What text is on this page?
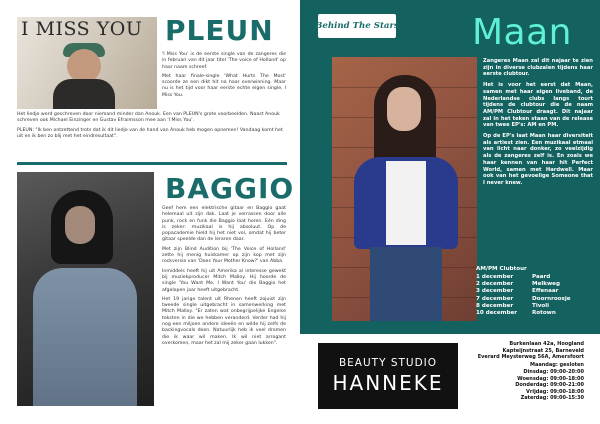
I MISS YOU PLEUN

'I Miss You' is de eerste single van de zangeres die in februari van dit jaar titel 'The voice of Holland' op haar naam schreef.

Met haar finale-single 'What Hurts The Most' scoorde ze een dikt hit na haar overwinning. Maar nu is het tijd voor haar eerste echte eigen single, I Miss You.

Het liedje werd geschreven door niemand minder dan Anouk. Een van PLEUN's grote voorbeelden. Naast Anouk schreven ook Michael Einzinger en Gustav Efraimsson mee aan 'I Miss You'.

PLEUN: "Ik ben ontzettend trots dat ik dit liedje van de hand van Anouk heb mogen opnemen! Vandaag komt het uit en ik ben zo blij met het eindresultaat".

BAGGIO

Geef hem een elektrische gitaar en Baggio gaat helemaal uit zijn dak. Laat je verrassen door alle punk, rock en funk die Baggio laat horen. Eén ding is zeker: muzikaal is hij absoluut. Op de popacademie hield hij het niet vol, omdat hij beter gitaar speelde dan de leraren daar.

Met zijn Blind Audition bij 'The Voice of Holland' zette hij menig huiskamer op zijn kop met zijn rockversie van 'Does Your Mother Know?' van Abba.

Inmiddels heeft hij uit Amerika al interesse gewekt bij muziekproducer Mitch Malloy. Hij hoorde de single 'You Want Me, I Want You' die Baggio het afgelopen jaar heeft uitgebracht.

Het 19 jarige talent uit Rhenen heeft zojuist zijn tweede single uitgebracht in samenwerking met Mitch Malloy. "Er zaten wat onbegrijpelijke Engelse teksten in die we hebben veranderd. Verder had hij nog een miljoen andere ideeën en wilde hij zelfs de backingvocals doen. Natuurlijk heb ik veel dromen die ik waar wil maken. Ik wil niet arrogant overkomen, maar het zal mij zeker gaan lukken".

Behind The Stars Maan

Zangeres Maan zal dit najaar te zien zijn in diverse clubzalen tijdens haar eerste clubtour.

Het is voor het eerst dat Maan, samen met haar eigen liveband, de Nederlandse clubs langs tourt tijdens de clubtour die de naam AM/PM Clubtour draagt. Dit najaar zal in het teken staan van de release van twee EP's: AM en PM.

Op de EP's laat Maan haar diversiteit als artiest zien. Een muzikaal etmaal van licht naar donker, zo veelzijdig als de zangeres zelf is. En zoals we haar kennen van haar hit Perfect World, samen met Hardwell. Maar ook van het gevoelige Someone that I never knew.

AM/PM Clubtour
1 december	Paard
2 december	Melkweg
3 december	Effenaar
7 december	Doornroosje
8 december	Tivoli
10 december	Rotown
BEAUTY STUDIO
HANNEKE
Burkenlaan 42a, Hoogland
Kapteijnstraat 25, Barneveld
Everard Meysterweg 56A, Amersfoort
Maandag: gesloten
Dinsdag: 09:00-20:00
Woensdag: 09:00-18:00
Donderdag: 09:00-21:00
Vrijdag: 09:00-18:00
Zaterdag: 09:00-15:30
